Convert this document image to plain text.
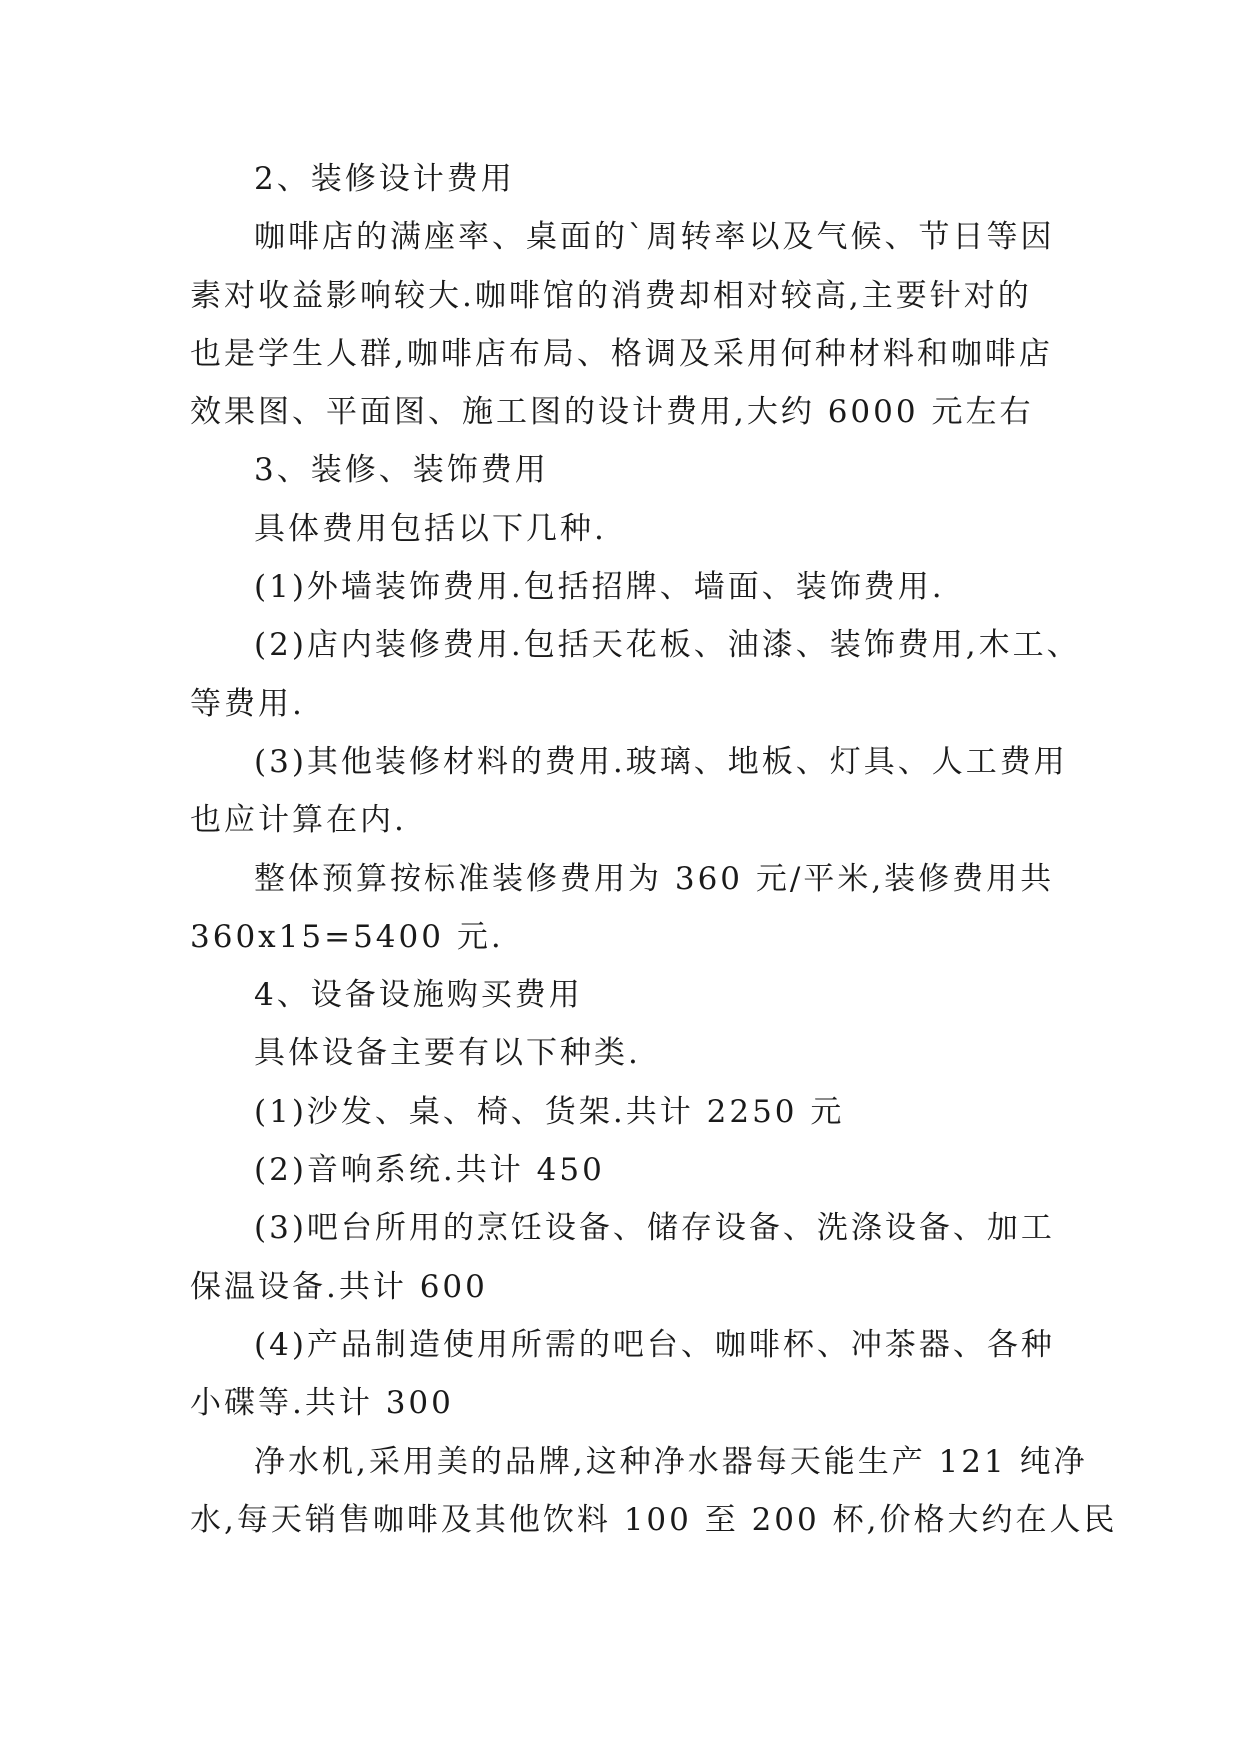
2、装修设计费用
咖啡店的满座率、桌面的`周转率以及气候、节日等因
素对收益影响较大.咖啡馆的消费却相对较高,主要针对的
也是学生人群,咖啡店布局、格调及采用何种材料和咖啡店
效果图、平面图、施工图的设计费用,大约 6000 元左右
3、装修、装饰费用
具体费用包括以下几种.
(1)外墙装饰费用.包括招牌、墙面、装饰费用.
(2)店内装修费用.包括天花板、油漆、装饰费用,木工、
等费用.
(3)其他装修材料的费用.玻璃、地板、灯具、人工费用
也应计算在内.
整体预算按标准装修费用为 360 元/平米,装修费用共
360x15=5400 元.
4、设备设施购买费用
具体设备主要有以下种类.
(1)沙发、桌、椅、货架.共计 2250 元
(2)音响系统.共计 450
(3)吧台所用的烹饪设备、储存设备、洗涤设备、加工
保温设备.共计 600
(4)产品制造使用所需的吧台、咖啡杯、冲茶器、各种
小碟等.共计 300
净水机,采用美的品牌,这种净水器每天能生产 121 纯净
水,每天销售咖啡及其他饮料 100 至 200 杯,价格大约在人民
